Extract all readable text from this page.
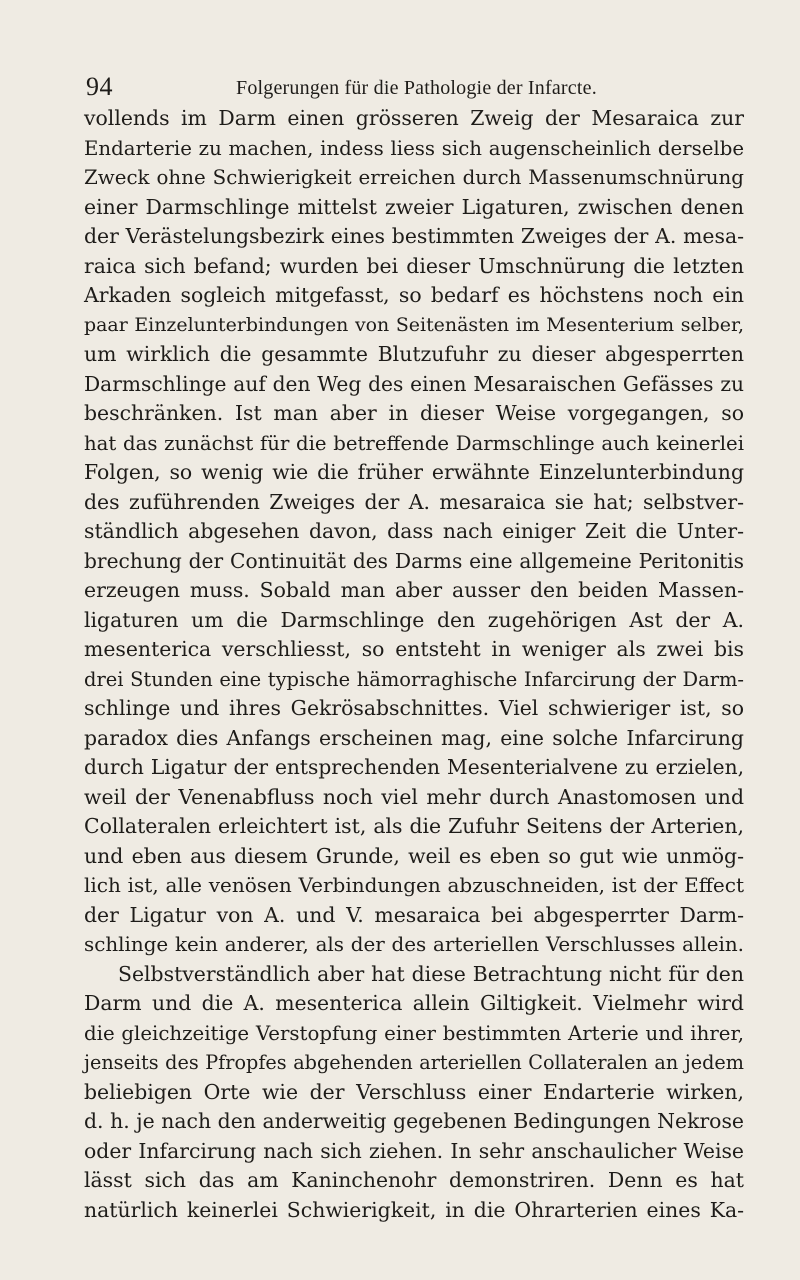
94	Folgerungen für die Pathologie der Infarcte.
vollends im Darm einen grösseren Zweig der Mesaraica zur
Endarterie zu machen, indess liess sich augenscheinlich derselbe
Zweck ohne Schwierigkeit erreichen durch Massenumschnürung
einer Darmschlinge mittelst zweier Ligaturen, zwischen denen
der Verästelungsbezirk eines bestimmten Zweiges der A. mesa-
raica sich befand; wurden bei dieser Umschnürung die letzten
Arkaden sogleich mitgefasst, so bedarf es höchstens noch ein
paar Einzelunterbindungen von Seitenästen im Mesenterium selber,
um wirklich die gesammte Blutzufuhr zu dieser abgesperrten
Darmschlinge auf den Weg des einen Mesaraischen Gefässes zu
beschränken. Ist man aber in dieser Weise vorgegangen, so
hat das zunächst für die betreffende Darmschlinge auch keinerlei
Folgen, so wenig wie die früher erwähnte Einzelunterbindung
des zuführenden Zweiges der A. mesaraica sie hat; selbstver-
ständlich abgesehen davon, dass nach einiger Zeit die Unter-
brechung der Continuität des Darms eine allgemeine Peritonitis
erzeugen muss. Sobald man aber ausser den beiden Massen-
ligaturen um die Darmschlinge den zugehörigen Ast der A.
mesenterica verschliesst, so entsteht in weniger als zwei bis
drei Stunden eine typische hämorraghische Infarcirung der Darm-
schlinge und ihres Gekrösabschnittes. Viel schwieriger ist, so
paradox dies Anfangs erscheinen mag, eine solche Infarcirung
durch Ligatur der entsprechenden Mesenterialvene zu erzielen,
weil der Venenabfluss noch viel mehr durch Anastomosen und
Collateralen erleichtert ist, als die Zufuhr Seitens der Arterien,
und eben aus diesem Grunde, weil es eben so gut wie unmög-
lich ist, alle venösen Verbindungen abzuschneiden, ist der Effect
der Ligatur von A. und V. mesaraica bei abgesperrter Darm-
schlinge kein anderer, als der des arteriellen Verschlusses allein.
Selbstverständlich aber hat diese Betrachtung nicht für den
Darm und die A. mesenterica allein Giltigkeit. Vielmehr wird
die gleichzeitige Verstopfung einer bestimmten Arterie und ihrer,
jenseits des Pfropfes abgehenden arteriellen Collateralen an jedem
beliebigen Orte wie der Verschluss einer Endarterie wirken,
d. h. je nach den anderweitig gegebenen Bedingungen Nekrose
oder Infarcirung nach sich ziehen. In sehr anschaulicher Weise
lässt sich das am Kaninchenohr demonstriren. Denn es hat
natürlich keinerlei Schwierigkeit, in die Ohrarterien eines Ka-
